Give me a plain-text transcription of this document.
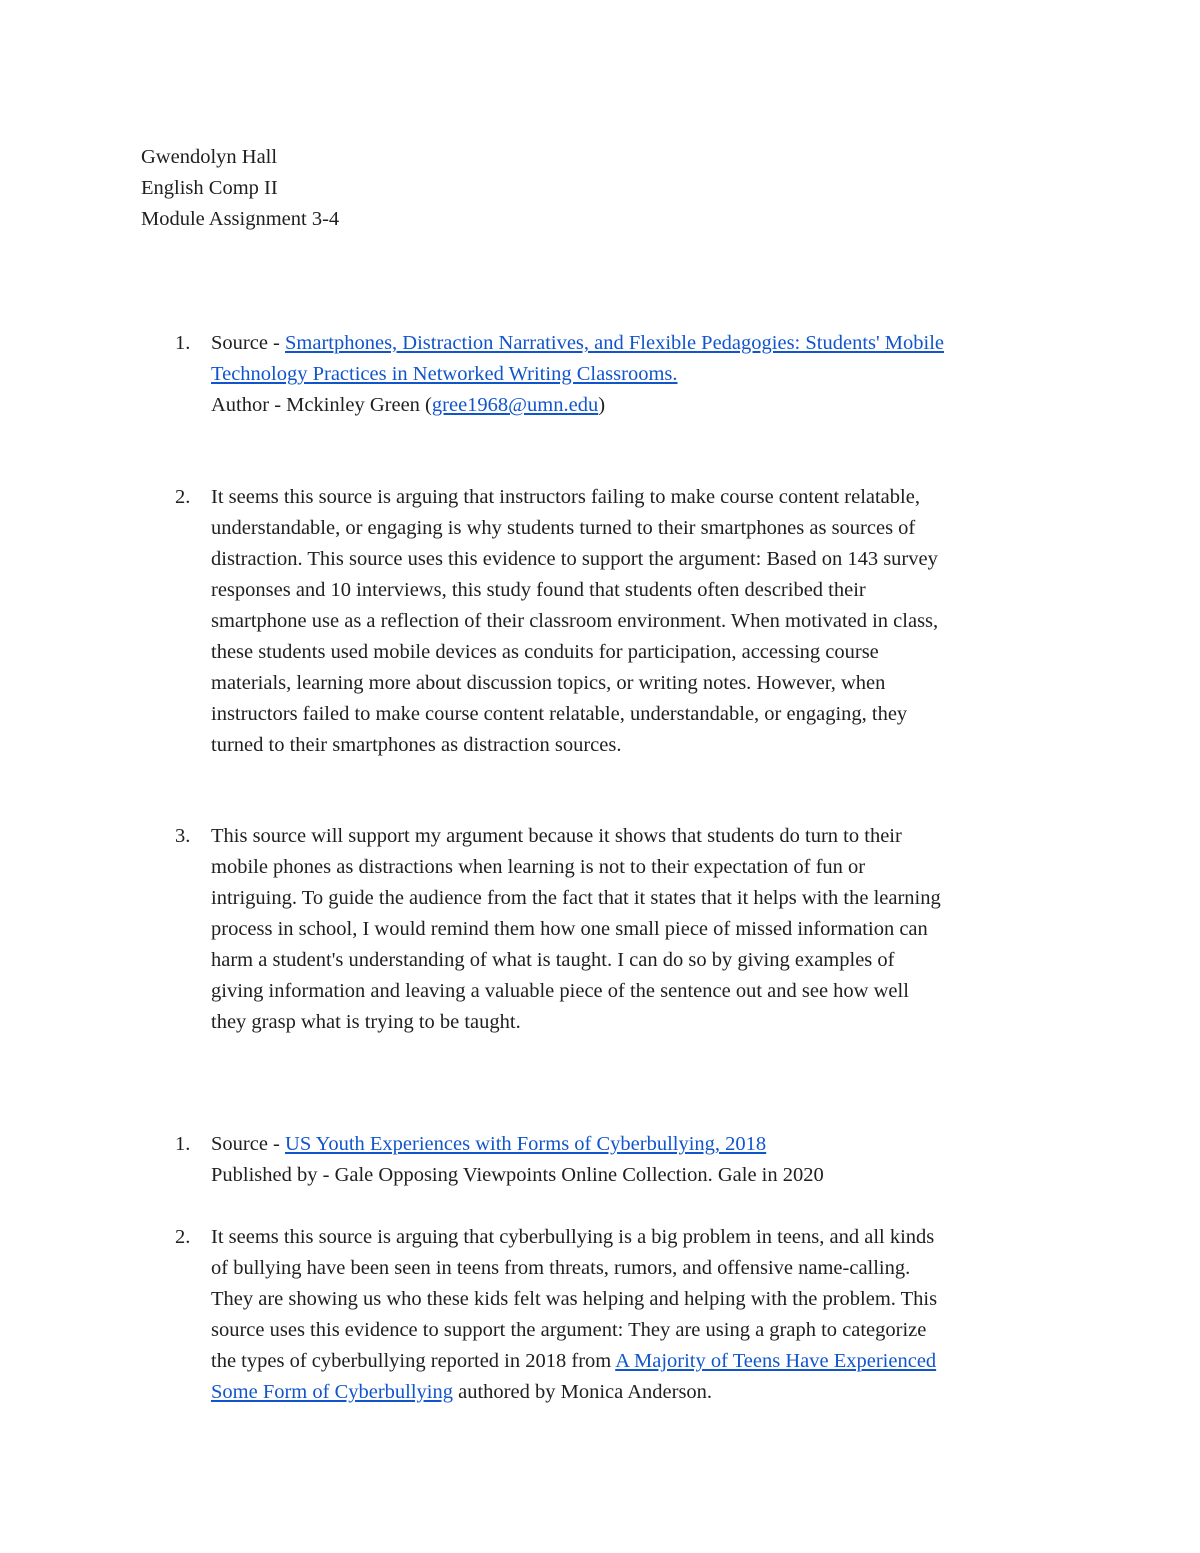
Gwendolyn Hall
English Comp II
Module Assignment 3-4
1. Source - Smartphones, Distraction Narratives, and Flexible Pedagogies: Students' Mobile
Technology Practices in Networked Writing Classrooms.
Author - Mckinley Green (gree1968@umn.edu)
2. It seems this source is arguing that instructors failing to make course content relatable,
understandable, or engaging is why students turned to their smartphones as sources of
distraction. This source uses this evidence to support the argument: Based on 143 survey
responses and 10 interviews, this study found that students often described their
smartphone use as a reflection of their classroom environment. When motivated in class,
these students used mobile devices as conduits for participation, accessing course
materials, learning more about discussion topics, or writing notes. However, when
instructors failed to make course content relatable, understandable, or engaging, they
turned to their smartphones as distraction sources.
3. This source will support my argument because it shows that students do turn to their
mobile phones as distractions when learning is not to their expectation of fun or
intriguing. To guide the audience from the fact that it states that it helps with the learning
process in school, I would remind them how one small piece of missed information can
harm a student's understanding of what is taught. I can do so by giving examples of
giving information and leaving a valuable piece of the sentence out and see how well
they grasp what is trying to be taught.
1. Source - US Youth Experiences with Forms of Cyberbullying, 2018
Published by - Gale Opposing Viewpoints Online Collection. Gale in 2020
2. It seems this source is arguing that cyberbullying is a big problem in teens, and all kinds
of bullying have been seen in teens from threats, rumors, and offensive name-calling.
They are showing us who these kids felt was helping and helping with the problem. This
source uses this evidence to support the argument: They are using a graph to categorize
the types of cyberbullying reported in 2018 from A Majority of Teens Have Experienced
Some Form of Cyberbullying authored by Monica Anderson.
